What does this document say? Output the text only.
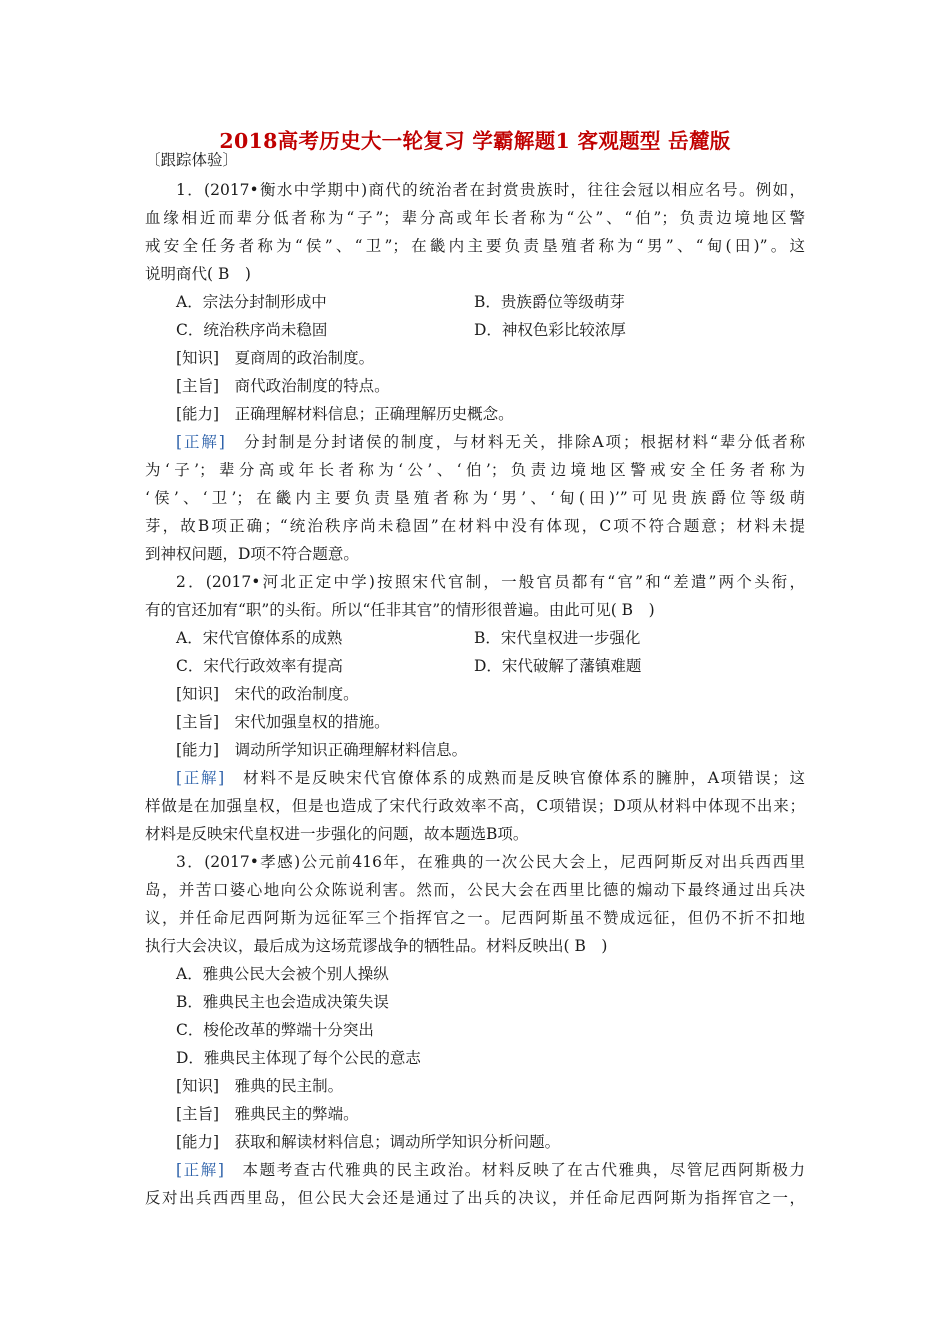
2018高考历史大一轮复习 学霸解题1 客观题型 岳麓版
〔跟踪体验〕
1．(2017•衡水中学期中)商代的统治者在封赏贵族时，往往会冠以相应名号。例如，
血缘相近而辈分低者称为“子”；辈分高或年长者称为“公”、“伯”；负责边境地区警
戒安全任务者称为“侯”、“卫”；在畿内主要负责垦殖者称为“男”、“甸(田)”。这
说明商代( B　)
A．宗法分封制形成中	B．贵族爵位等级萌芽
C．统治秩序尚未稳固	D．神权色彩比较浓厚
[知识]　夏商周的政治制度。
[主旨]　商代政治制度的特点。
[能力]　正确理解材料信息；正确理解历史概念。
[正解]　分封制是分封诸侯的制度，与材料无关，排除A项；根据材料“辈分低者称
为‘子’；辈分高或年长者称为‘公’、‘伯’；负责边境地区警戒安全任务者称为
‘侯’、‘卫’；在畿内主要负责垦殖者称为‘男’、‘甸(田)’”可见贵族爵位等级萌
芽，故B项正确；“统治秩序尚未稳固”在材料中没有体现，C项不符合题意；材料未提
到神权问题，D项不符合题意。
2．(2017•河北正定中学)按照宋代官制，一般官员都有“官”和“差遣”两个头衔，
有的官还加宥“职”的头衔。所以“任非其官”的情形很普遍。由此可见( B　)
A．宋代官僚体系的成熟	B．宋代皇权进一步强化
C．宋代行政效率有提高	D．宋代破解了藩镇难题
[知识]　宋代的政治制度。
[主旨]　宋代加强皇权的措施。
[能力]　调动所学知识正确理解材料信息。
[正解]　材料不是反映宋代官僚体系的成熟而是反映官僚体系的臃肿，A项错误；这
样做是在加强皇权，但是也造成了宋代行政效率不高，C项错误；D项从材料中体现不出来；
材料是反映宋代皇权进一步强化的问题，故本题选B项。
3．(2017•孝感)公元前416年，在雅典的一次公民大会上，尼西阿斯反对出兵西西里
岛，并苦口婆心地向公众陈说利害。然而，公民大会在西里比德的煽动下最终通过出兵决
议，并任命尼西阿斯为远征军三个指挥官之一。尼西阿斯虽不赞成远征，但仍不折不扣地
执行大会决议，最后成为这场荒谬战争的牺牲品。材料反映出( B　)
A．雅典公民大会被个别人操纵
B．雅典民主也会造成决策失误
C．梭伦改革的弊端十分突出
D．雅典民主体现了每个公民的意志
[知识]　雅典的民主制。
[主旨]　雅典民主的弊端。
[能力]　获取和解读材料信息；调动所学知识分析问题。
[正解]　本题考查古代雅典的民主政治。材料反映了在古代雅典，尽管尼西阿斯极力
反对出兵西西里岛，但公民大会还是通过了出兵的决议，并任命尼西阿斯为指挥官之一，
